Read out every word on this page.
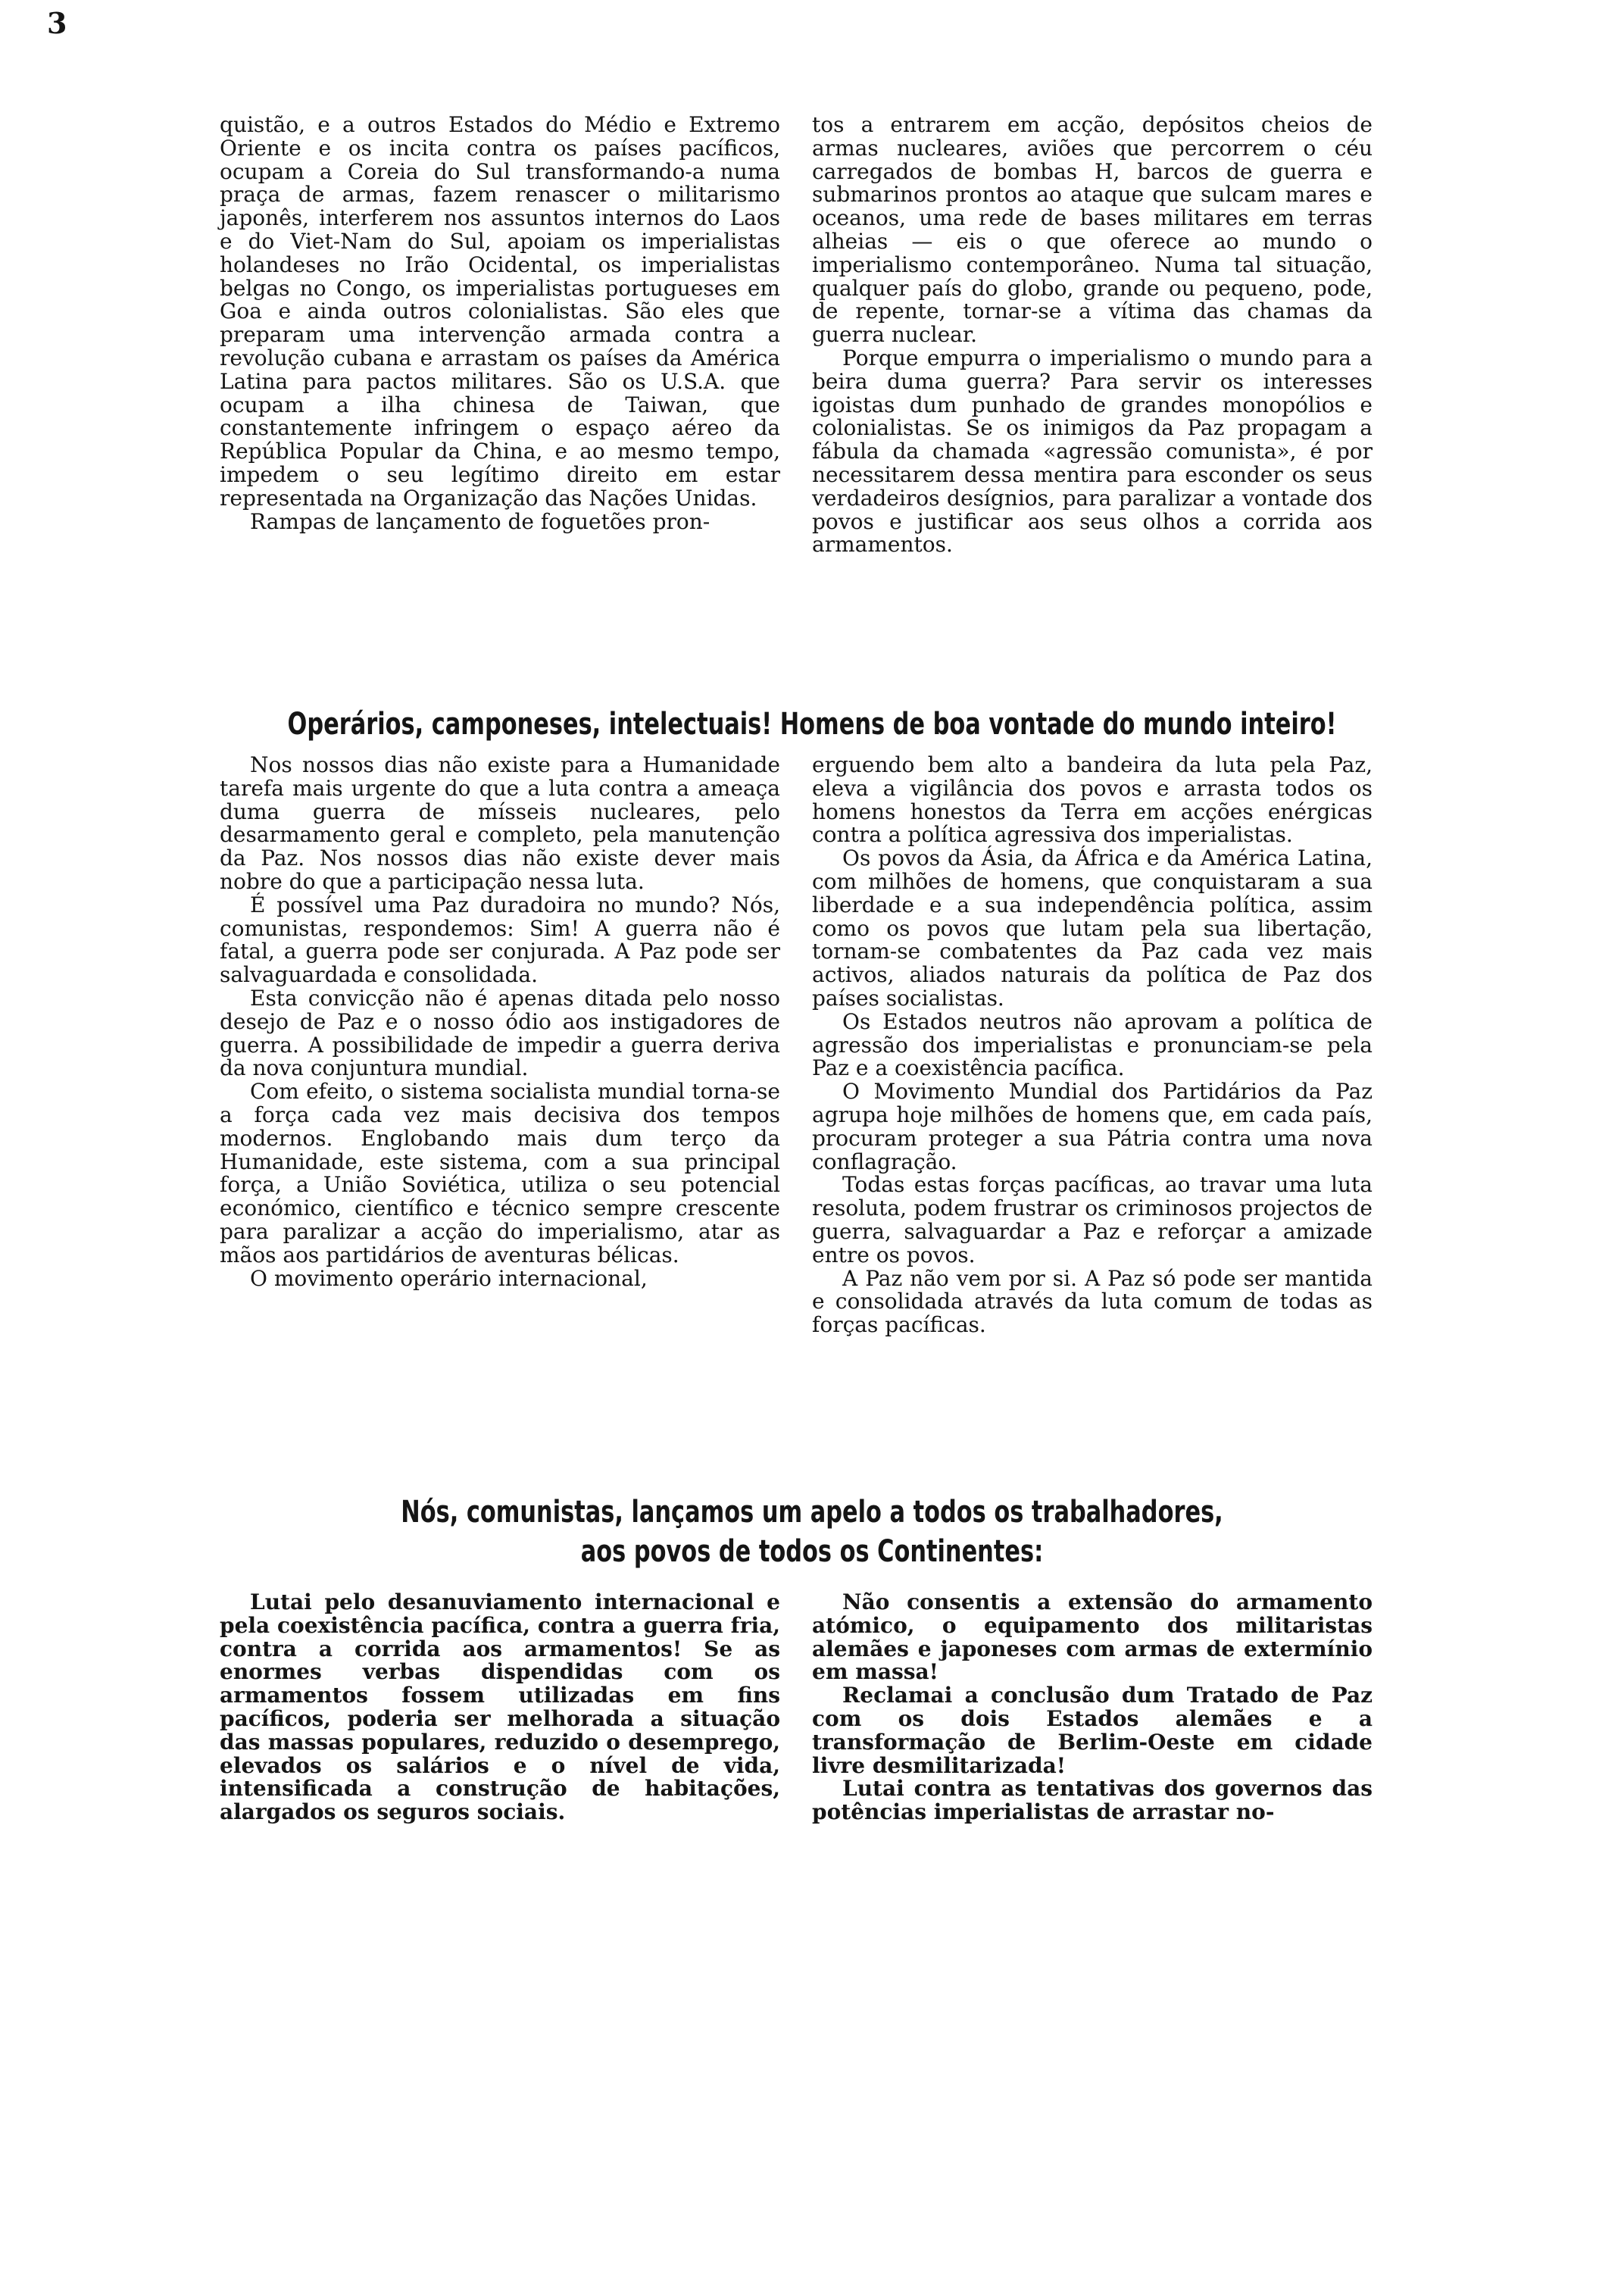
3

quistão, e a outros Estados do Médio e Extremo Oriente e os incita contra os países pacíficos, ocupam a Coreia do Sul transformando-a numa praça de armas, fazem renascer o militarismo japonês, interferem nos assuntos internos do Laos e do Viet-Nam do Sul, apoiam os imperialistas holandeses no Irão Ocidental, os imperialistas belgas no Congo, os imperialistas portugueses em Goa e ainda outros colonialistas. São eles que preparam uma intervenção armada contra a revolução cubana e arrastam os países da América Latina para pactos militares. São os U.S.A. que ocupam a ilha chinesa de Taiwan, que constantemente infringem o espaço aéreo da República Popular da China, e ao mesmo tempo, impedem o seu legítimo direito em estar representada na Organização das Nações Unidas.

Rampas de lançamento de foguetões pron-

tos a entrarem em acção, depósitos cheios de armas nucleares, aviões que percorrem o céu carregados de bombas H, barcos de guerra e submarinos prontos ao ataque que sulcam mares e oceanos, uma rede de bases militares em terras alheias — eis o que oferece ao mundo o imperialismo contemporâneo. Numa tal situação, qualquer país do globo, grande ou pequeno, pode, de repente, tornar-se a vítima das chamas da guerra nuclear.

Porque empurra o imperialismo o mundo para a beira duma guerra? Para servir os interesses igoistas dum punhado de grandes monopólios e colonialistas. Se os inimigos da Paz propagam a fábula da chamada «agressão comunista», é por necessitarem dessa mentira para esconder os seus verdadeiros desígnios, para paralizar a vontade dos povos e justificar aos seus olhos a corrida aos armamentos.

Operários, camponeses, intelectuais! Homens de boa vontade do mundo inteiro!

Nos nossos dias não existe para a Humanidade tarefa mais urgente do que a luta contra a ameaça duma guerra de mísseis nucleares, pelo desarmamento geral e completo, pela manutenção da Paz. Nos nossos dias não existe dever mais nobre do que a participação nessa luta.

É possível uma Paz duradoira no mundo? Nós, comunistas, respondemos: Sim! A guerra não é fatal, a guerra pode ser conjurada. A Paz pode ser salvaguardada e consolidada.

Esta convicção não é apenas ditada pelo nosso desejo de Paz e o nosso ódio aos instigadores de guerra. A possibilidade de impedir a guerra deriva da nova conjuntura mundial.

Com efeito, o sistema socialista mundial torna-se a força cada vez mais decisiva dos tempos modernos. Englobando mais dum terço da Humanidade, este sistema, com a sua principal força, a União Soviética, utiliza o seu potencial económico, científico e técnico sempre crescente para paralizar a acção do imperialismo, atar as mãos aos partidários de aventuras bélicas.

O movimento operário internacional,

erguendo bem alto a bandeira da luta pela Paz, eleva a vigilância dos povos e arrasta todos os homens honestos da Terra em acções enérgicas contra a política agressiva dos imperialistas.

Os povos da Ásia, da África e da América Latina, com milhões de homens, que conquistaram a sua liberdade e a sua independência política, assim como os povos que lutam pela sua libertação, tornam-se combatentes da Paz cada vez mais activos, aliados naturais da política de Paz dos países socialistas.

Os Estados neutros não aprovam a política de agressão dos imperialistas e pronunciam-se pela Paz e a coexistência pacífica.

O Movimento Mundial dos Partidários da Paz agrupa hoje milhões de homens que, em cada país, procuram proteger a sua Pátria contra uma nova conflagração.

Todas estas forças pacíficas, ao travar uma luta resoluta, podem frustrar os criminosos projectos de guerra, salvaguardar a Paz e reforçar a amizade entre os povos.

A Paz não vem por si. A Paz só pode ser mantida e consolidada através da luta comum de todas as forças pacíficas.

Nós, comunistas, lançamos um apelo a todos os trabalhadores,
aos povos de todos os Continentes:

Lutai pelo desanuviamento internacional e pela coexistência pacífica, contra a guerra fria, contra a corrida aos armamentos! Se as enormes verbas dispendidas com os armamentos fossem utilizadas em fins pacíficos, poderia ser melhorada a situação das massas populares, reduzido o desemprego, elevados os salários e o nível de vida, intensificada a construção de habitações, alargados os seguros sociais.

Não consentis a extensão do armamento atómico, o equipamento dos militaristas alemães e japoneses com armas de extermínio em massa!

Reclamai a conclusão dum Tratado de Paz com os dois Estados alemães e a transformação de Berlim-Oeste em cidade livre desmilitarizada!

Lutai contra as tentativas dos governos das potências imperialistas de arrastar no-
